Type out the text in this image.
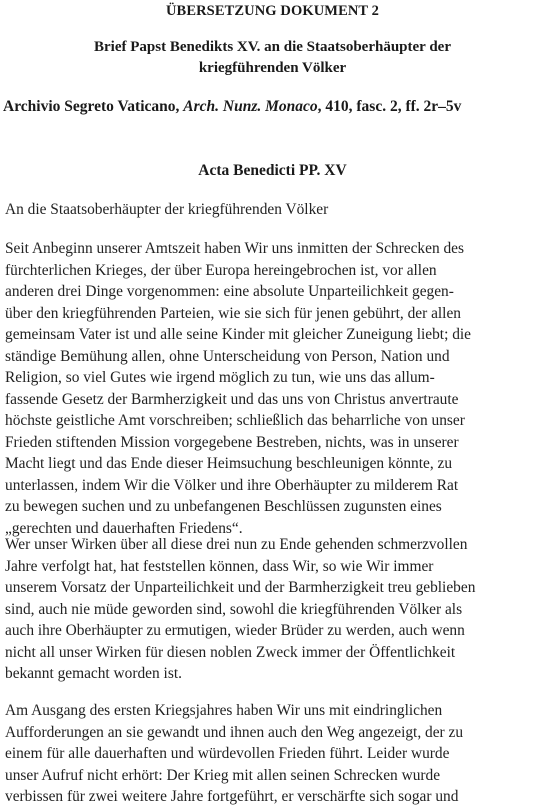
ÜBERSETZUNG DOKUMENT 2
Brief Papst Benedikts XV. an die Staatsoberhäupter der
kriegführenden Völker
Archivio Segreto Vaticano, Arch. Nunz. Monaco, 410, fasc. 2, ff. 2r–5v
Acta Benedicti PP. XV
An die Staatsoberhäupter der kriegführenden Völker
Seit Anbeginn unserer Amtszeit haben Wir uns inmitten der Schrecken des
fürchterlichen Krieges, der über Europa hereingebrochen ist, vor allen
anderen drei Dinge vorgenommen: eine absolute Unparteilichkeit gegen-
über den kriegführenden Parteien, wie sie sich für jenen gebührt, der allen
gemeinsam Vater ist und alle seine Kinder mit gleicher Zuneigung liebt; die
ständige Bemühung allen, ohne Unterscheidung von Person, Nation und
Religion, so viel Gutes wie irgend möglich zu tun, wie uns das allum-
fassende Gesetz der Barmherzigkeit und das uns von Christus anvertraute
höchste geistliche Amt vorschreiben; schließlich das beharrliche von unser
Frieden stiftenden Mission vorgegebene Bestreben, nichts, was in unserer
Macht liegt und das Ende dieser Heimsuchung beschleunigen könnte, zu
unterlassen, indem Wir die Völker und ihre Oberhäupter zu milderem Rat
zu bewegen suchen und zu unbefangenen Beschlüssen zugunsten eines
„gerechten und dauerhaften Friedens“.
Wer unser Wirken über all diese drei nun zu Ende gehenden schmerzvollen
Jahre verfolgt hat, hat feststellen können, dass Wir, so wie Wir immer
unserem Vorsatz der Unparteilichkeit und der Barmherzigkeit treu geblieben
sind, auch nie müde geworden sind, sowohl die kriegführenden Völker als
auch ihre Oberhäupter zu ermutigen, wieder Brüder zu werden, auch wenn
nicht all unser Wirken für diesen noblen Zweck immer der Öffentlichkeit
bekannt gemacht worden ist.
Am Ausgang des ersten Kriegsjahres haben Wir uns mit eindringlichen
Aufforderungen an sie gewandt und ihnen auch den Weg angezeigt, der zu
einem für alle dauerhaften und würdevollen Frieden führt. Leider wurde
unser Aufruf nicht erhört: Der Krieg mit allen seinen Schrecken wurde
verbissen für zwei weitere Jahre fortgeführt, er verschärfte sich sogar und
